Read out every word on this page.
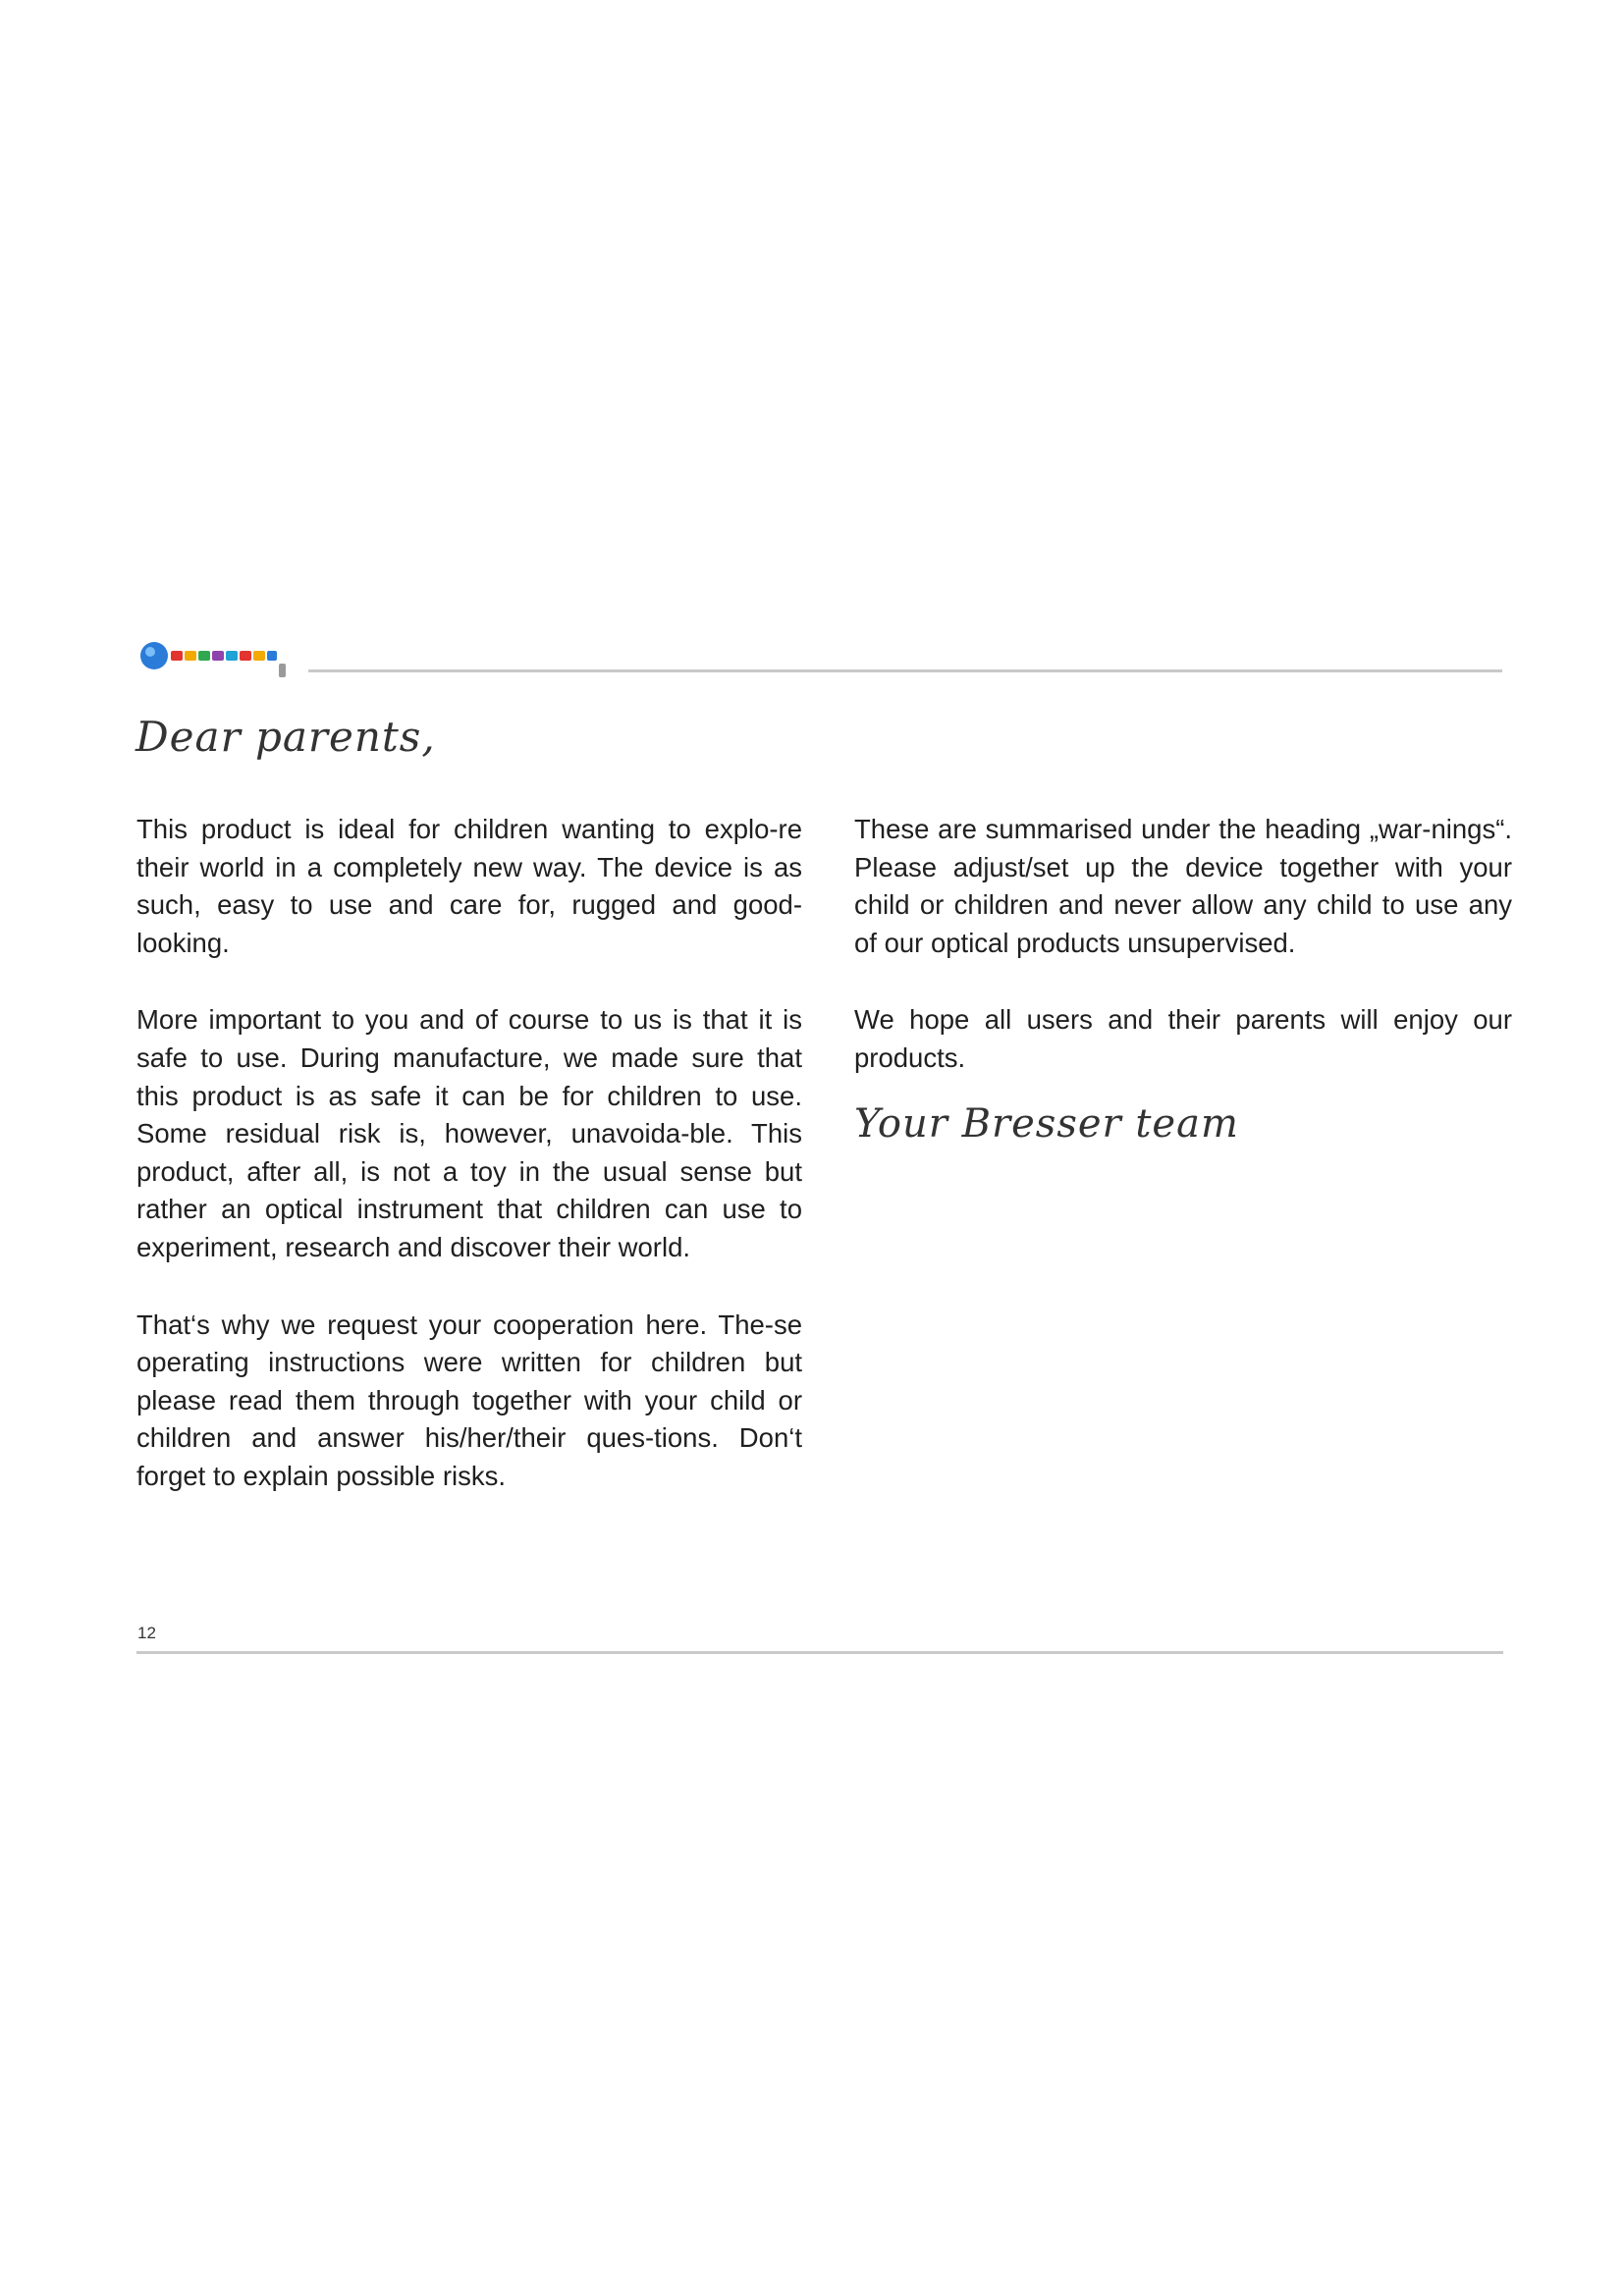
Dear parents,

This product is ideal for children wanting to explo-re their world in a completely new way. The device is as such, easy to use and care for, rugged and good-looking.

More important to you and of course to us is that it is safe to use. During manufacture, we made sure that this product is as safe it can be for children to use. Some residual risk is, however, unavoida-ble. This product, after all, is not a toy in the usual sense but rather an optical instrument that children can use to experiment, research and discover their world.

That‘s why we request your cooperation here. The-se operating instructions were written for children but please read them through together with your child or children and answer his/her/their ques-tions. Don‘t forget to explain possible risks.

These are summarised under the heading „war-nings“. Please adjust/set up the device together with your child or children and never allow any child to use any of our optical products unsupervised.

We hope all users and their parents will enjoy our products.

Your Bresser team
12
